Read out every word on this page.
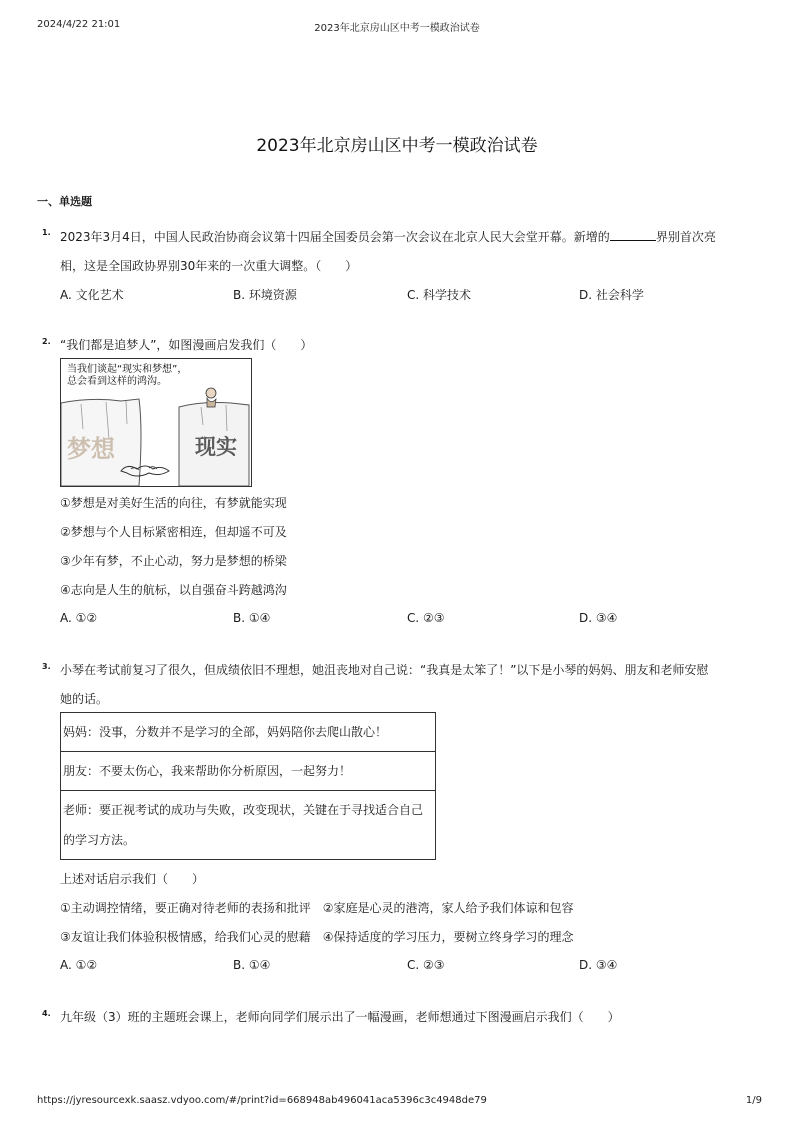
2024/4/22 21:01	2023年北京房山区中考一模政治试卷
2023年北京房山区中考一模政治试卷
一、单选题
1. 2023年3月4日，中国人民政治协商会议第十四届全国委员会第一次会议在北京人民大会堂开幕。新增的	界别首次亮
相，这是全国政协界别30年来的一次重大调整。（　　）
A. 文化艺术	B. 环境资源	C. 科学技术	D. 社会科学
2. “我们都是追梦人”，如图漫画启发我们（　　）
当我们谈起“现实和梦想”，
总会看到这样的鸿沟。
梦想	现实
①梦想是对美好生活的向往，有梦就能实现
②梦想与个人目标紧密相连，但却遥不可及
③少年有梦，不止心动，努力是梦想的桥梁
④志向是人生的航标，以自强奋斗跨越鸿沟
A. ①②	B. ①④	C. ②③	D. ③④
3. 小琴在考试前复习了很久，但成绩依旧不理想，她沮丧地对自己说：“我真是太笨了！”以下是小琴的妈妈、朋友和老师安慰
她的话。
妈妈：没事，分数并不是学习的全部，妈妈陪你去爬山散心！
朋友：不要太伤心，我来帮助你分析原因，一起努力！
老师：要正视考试的成功与失败，改变现状，关键在于寻找适合自己的学习方法。
上述对话启示我们（　　）
①主动调控情绪，要正确对待老师的表扬和批评　②家庭是心灵的港湾，家人给予我们体谅和包容
③友谊让我们体验积极情感，给我们心灵的慰藉　④保持适度的学习压力，要树立终身学习的理念
A. ①②	B. ①④	C. ②③	D. ③④
4. 九年级（3）班的主题班会课上，老师向同学们展示出了一幅漫画，老师想通过下图漫画启示我们（　　）
https://jyresourcexk.saasz.vdyoo.com/#/print?id=668948ab496041aca5396c3c4948de79	1/9
